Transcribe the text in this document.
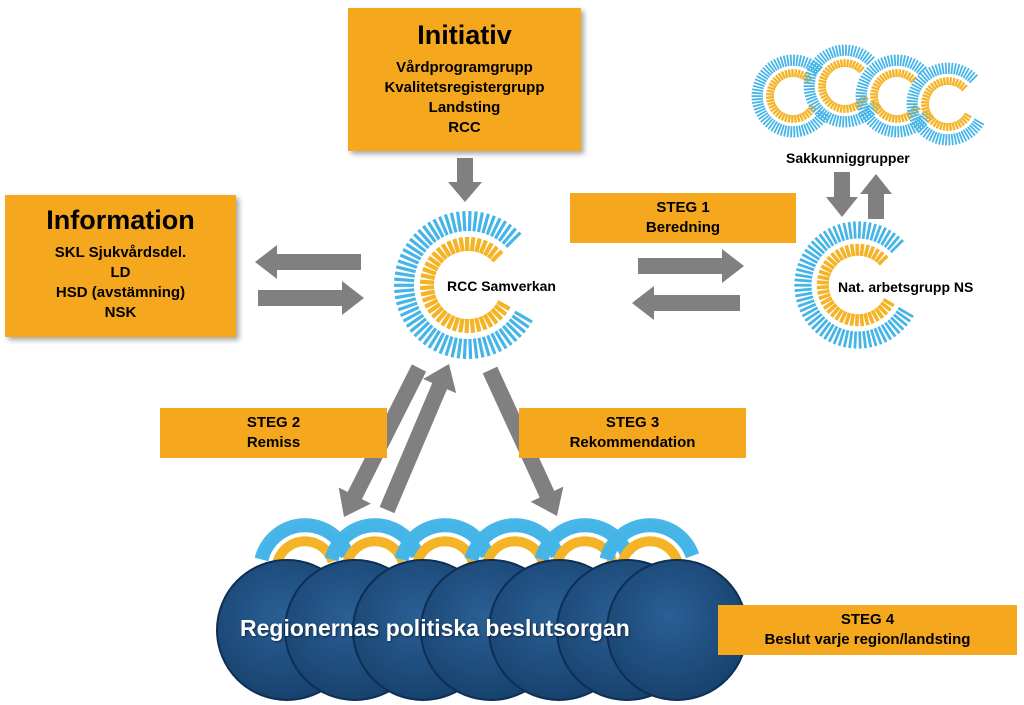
Initiativ
Vårdprogramgrupp
Kvalitetsregistergrupp
Landsting
RCC
Information
SKL Sjukvårdsdel.
LD
HSD (avstämning)
NSK
STEG 1
Beredning
STEG 2
Remiss
STEG 3
Rekommendation
STEG 4
Beslut varje region/landsting
RCC Samverkan
Sakkunniggrupper
Nat. arbetsgrupp NS
Regionernas politiska beslutsorgan
